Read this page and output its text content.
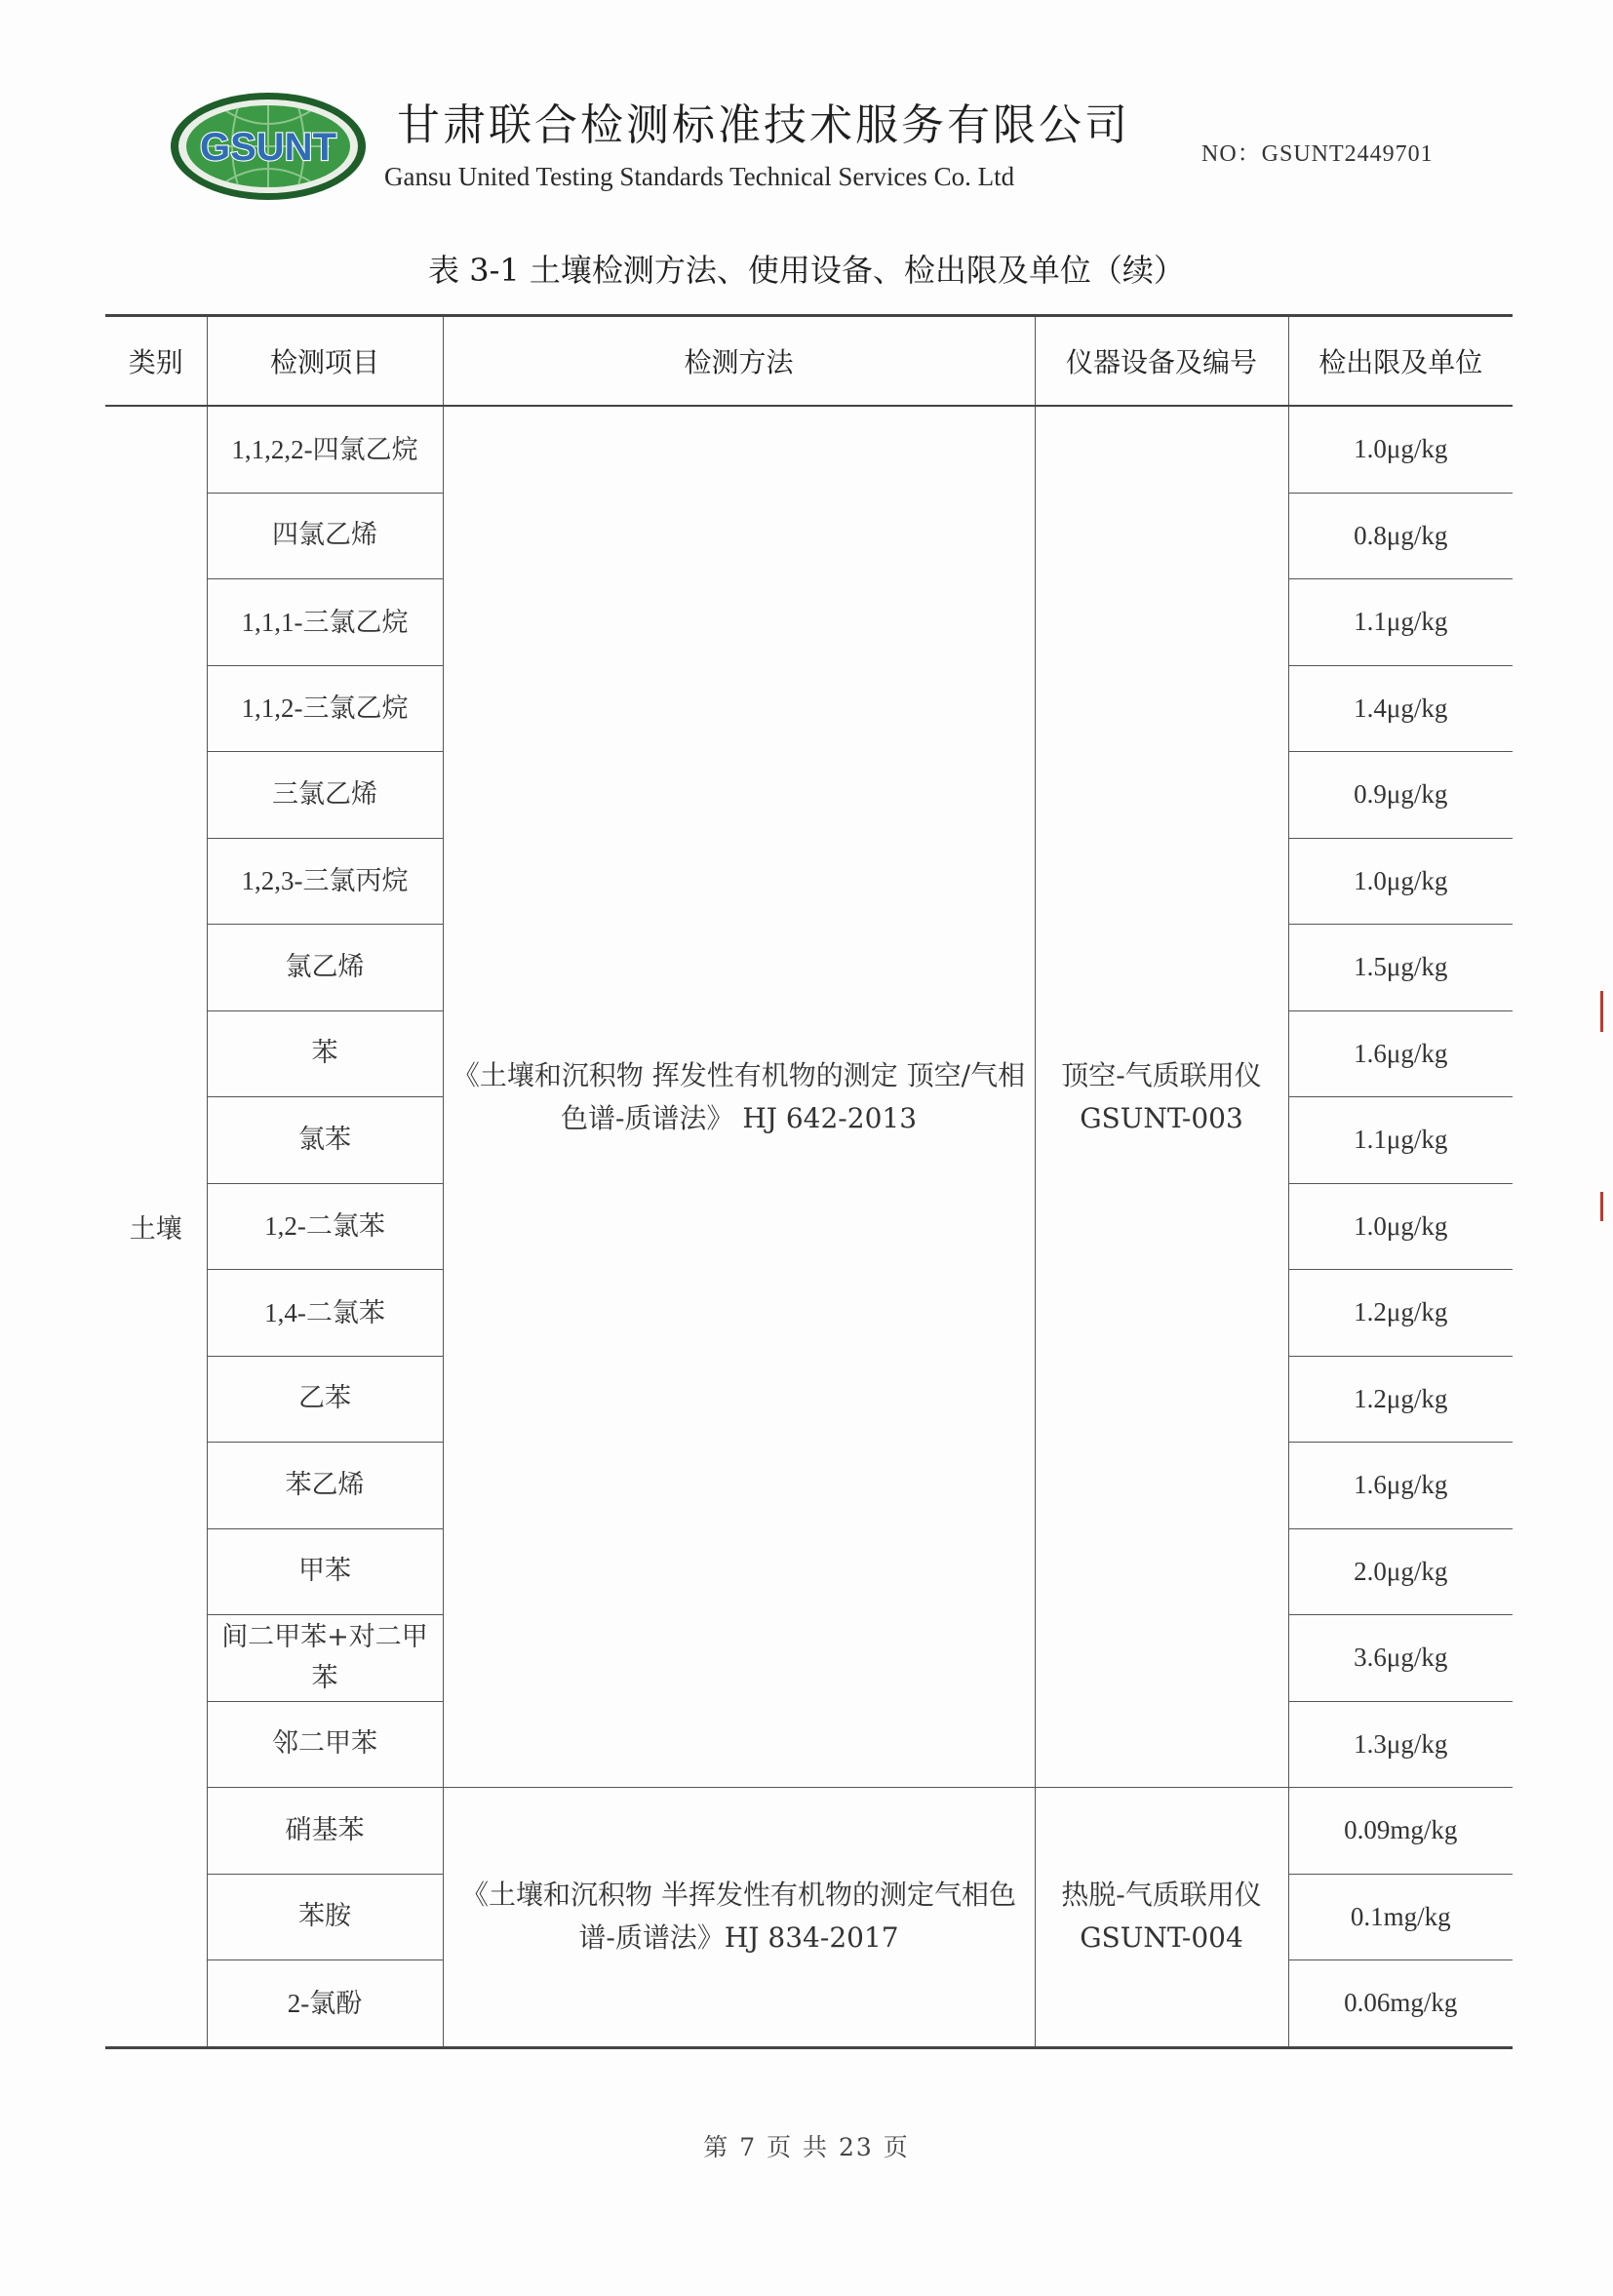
GSUNT 甘肃联合检测标准技术服务有限公司
Gansu United Testing Standards Technical Services Co. Ltd
NO：GSUNT2449701
表 3-1 土壤检测方法、使用设备、检出限及单位（续）
类别	检测项目	检测方法	仪器设备及编号	检出限及单位
土壤	1,1,2,2-四氯乙烷	《土壤和沉积物 挥发性有机物的测定 顶空/气相色谱-质谱法》 HJ 642-2013	顶空-气质联用仪 GSUNT-003	1.0μg/kg
	四氯乙烯			0.8μg/kg
	1,1,1-三氯乙烷			1.1μg/kg
	1,1,2-三氯乙烷			1.4μg/kg
	三氯乙烯			0.9μg/kg
	1,2,3-三氯丙烷			1.0μg/kg
	氯乙烯			1.5μg/kg
	苯			1.6μg/kg
	氯苯			1.1μg/kg
	1,2-二氯苯			1.0μg/kg
	1,4-二氯苯			1.2μg/kg
	乙苯			1.2μg/kg
	苯乙烯			1.6μg/kg
	甲苯			2.0μg/kg
	间二甲苯+对二甲苯			3.6μg/kg
	邻二甲苯			1.3μg/kg
	硝基苯	《土壤和沉积物 半挥发性有机物的测定气相色谱-质谱法》HJ 834-2017	热脱-气质联用仪 GSUNT-004	0.09mg/kg
	苯胺			0.1mg/kg
	2-氯酚			0.06mg/kg
第 7 页 共 23 页
